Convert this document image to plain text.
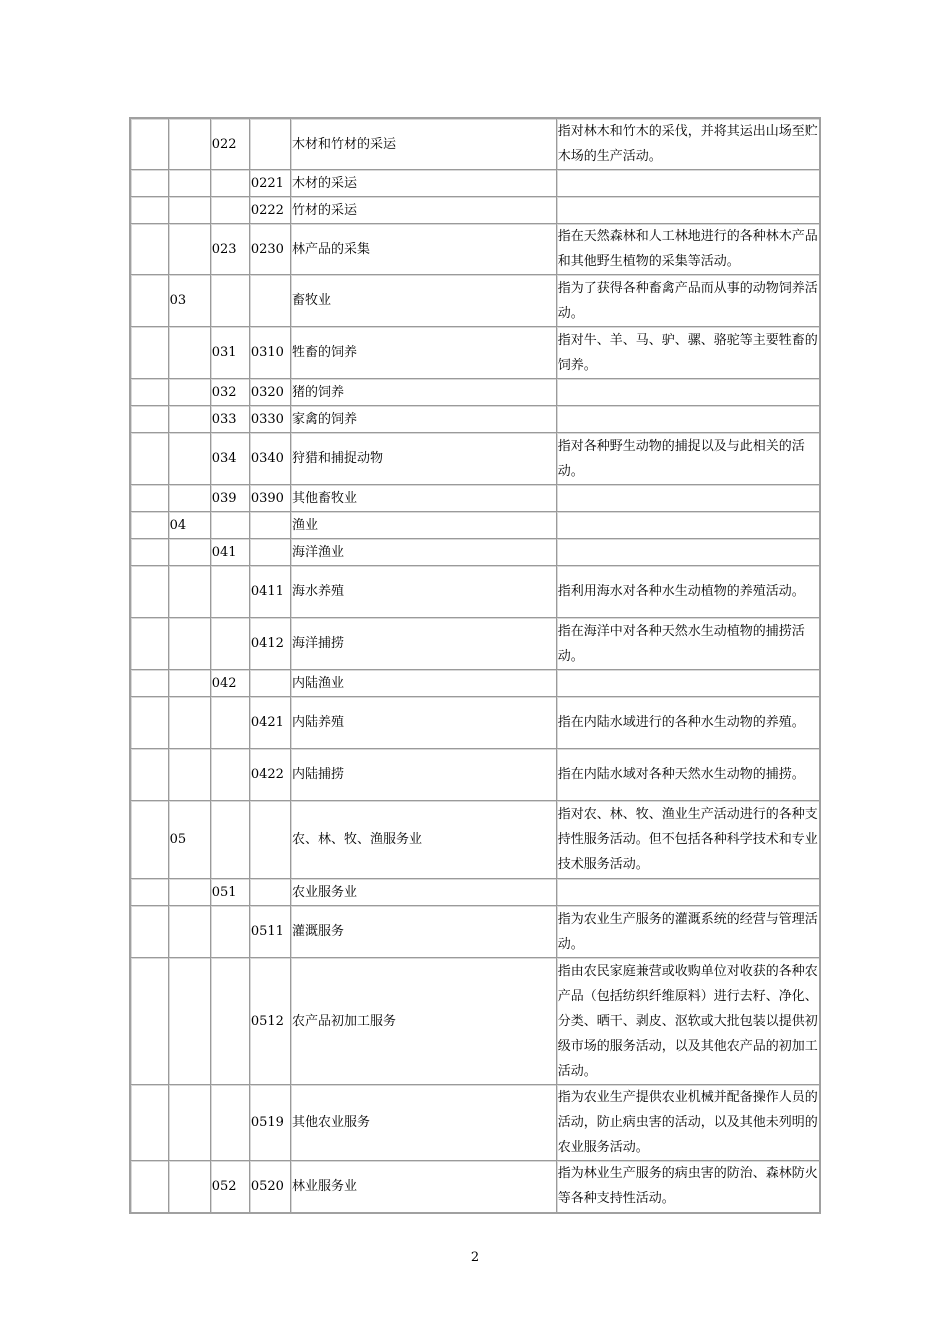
		022		木材和竹材的采运	指对林木和竹木的采伐，并将其运出山场至贮木场的生产活动。
			0221	木材的采运	
			0222	竹材的采运	
		023	0230	林产品的采集	指在天然森林和人工林地进行的各种林木产品和其他野生植物的采集等活动。
	03			畜牧业	指为了获得各种畜禽产品而从事的动物饲养活动。
		031	0310	牲畜的饲养	指对牛、羊、马、驴、骡、骆驼等主要牲畜的饲养。
		032	0320	猪的饲养	
		033	0330	家禽的饲养	
		034	0340	狩猎和捕捉动物	指对各种野生动物的捕捉以及与此相关的活动。
		039	0390	其他畜牧业	
	04			渔业	
		041		海洋渔业	
			0411	海水养殖	指利用海水对各种水生动植物的养殖活动。
			0412	海洋捕捞	指在海洋中对各种天然水生动植物的捕捞活动。
		042		内陆渔业	
			0421	内陆养殖	指在内陆水域进行的各种水生动物的养殖。
			0422	内陆捕捞	指在内陆水域对各种天然水生动物的捕捞。
	05			农、林、牧、渔服务业	指对农、林、牧、渔业生产活动进行的各种支持性服务活动。但不包括各种科学技术和专业技术服务活动。
		051		农业服务业	
			0511	灌溉服务	指为农业生产服务的灌溉系统的经营与管理活动。
			0512	农产品初加工服务	指由农民家庭兼营或收购单位对收获的各种农产品（包括纺织纤维原料）进行去籽、净化、分类、晒干、剥皮、沤软或大批包装以提供初级市场的服务活动，以及其他农产品的初加工活动。
			0519	其他农业服务	指为农业生产提供农业机械并配备操作人员的活动，防止病虫害的活动，以及其他未列明的农业服务活动。
		052	0520	林业服务业	指为林业生产服务的病虫害的防治、森林防火等各种支持性活动。
2
